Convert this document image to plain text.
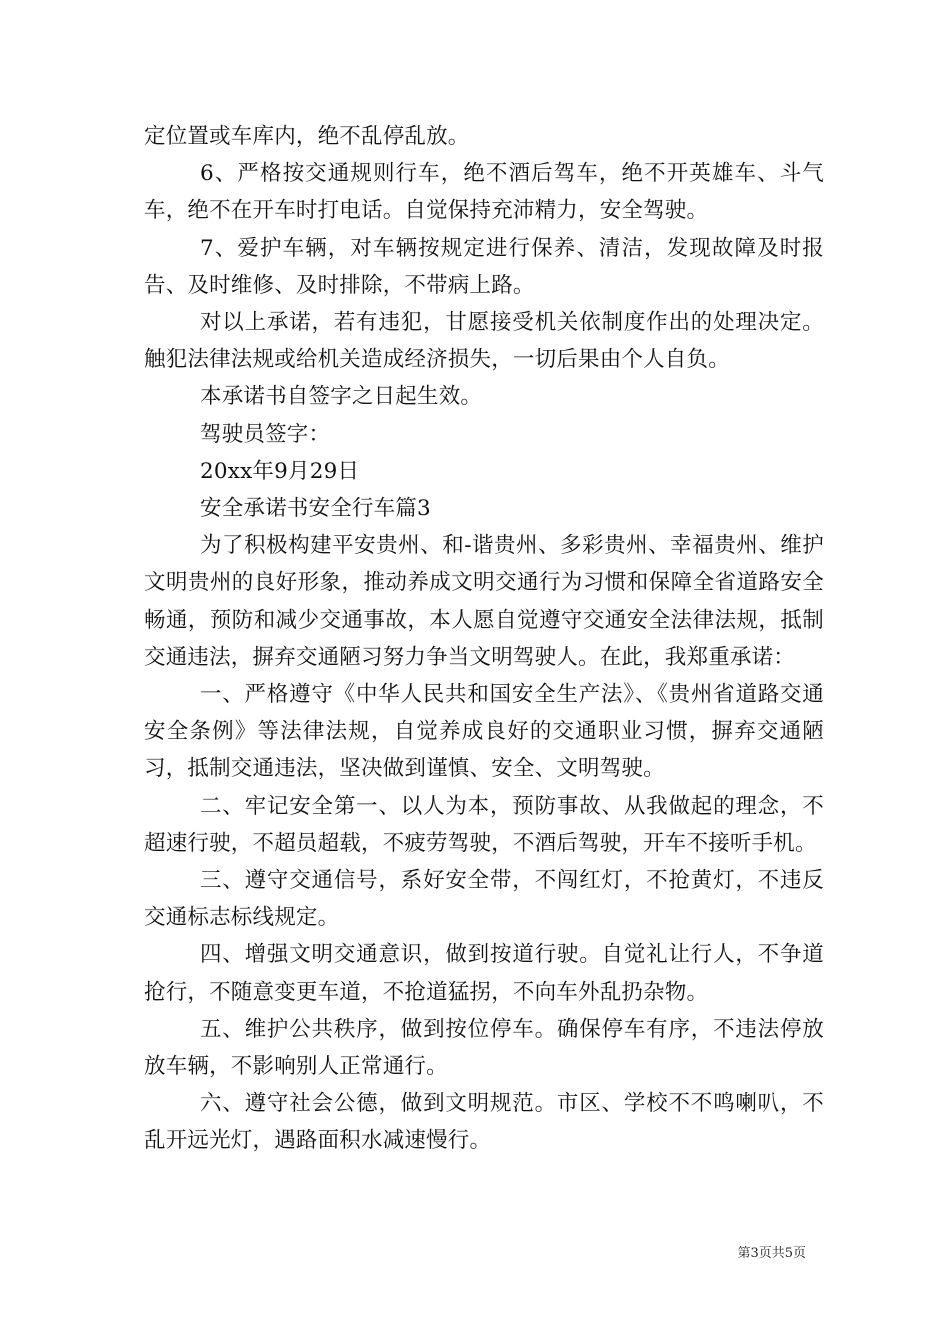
定位置或车库内，绝不乱停乱放。

6、严格按交通规则行车，绝不酒后驾车，绝不开英雄车、斗气车，绝不在开车时打电话。自觉保持充沛精力，安全驾驶。

7、爱护车辆，对车辆按规定进行保养、清洁，发现故障及时报告、及时维修、及时排除，不带病上路。

对以上承诺，若有违犯，甘愿接受机关依制度作出的处理决定。触犯法律法规或给机关造成经济损失，一切后果由个人自负。

本承诺书自签字之日起生效。

驾驶员签字：

20xx年9月29日

安全承诺书安全行车篇3

为了积极构建平安贵州、和-谐贵州、多彩贵州、幸福贵州、维护文明贵州的良好形象，推动养成文明交通行为习惯和保障全省道路安全畅通，预防和减少交通事故，本人愿自觉遵守交通安全法律法规，抵制交通违法，摒弃交通陋习努力争当文明驾驶人。在此，我郑重承诺：

一、严格遵守《中华人民共和国安全生产法》、《贵州省道路交通安全条例》等法律法规，自觉养成良好的交通职业习惯，摒弃交通陋习，抵制交通违法，坚决做到谨慎、安全、文明驾驶。

二、牢记安全第一、以人为本，预防事故、从我做起的理念，不超速行驶，不超员超载，不疲劳驾驶，不酒后驾驶，开车不接听手机。

三、遵守交通信号，系好安全带，不闯红灯，不抢黄灯，不违反交通标志标线规定。

四、增强文明交通意识，做到按道行驶。自觉礼让行人，不争道抢行，不随意变更车道，不抢道猛拐，不向车外乱扔杂物。

五、维护公共秩序，做到按位停车。确保停车有序，不违法停放放车辆，不影响别人正常通行。

六、遵守社会公德，做到文明规范。市区、学校不不鸣喇叭，不乱开远光灯，遇路面积水减速慢行。

第3页共5页
